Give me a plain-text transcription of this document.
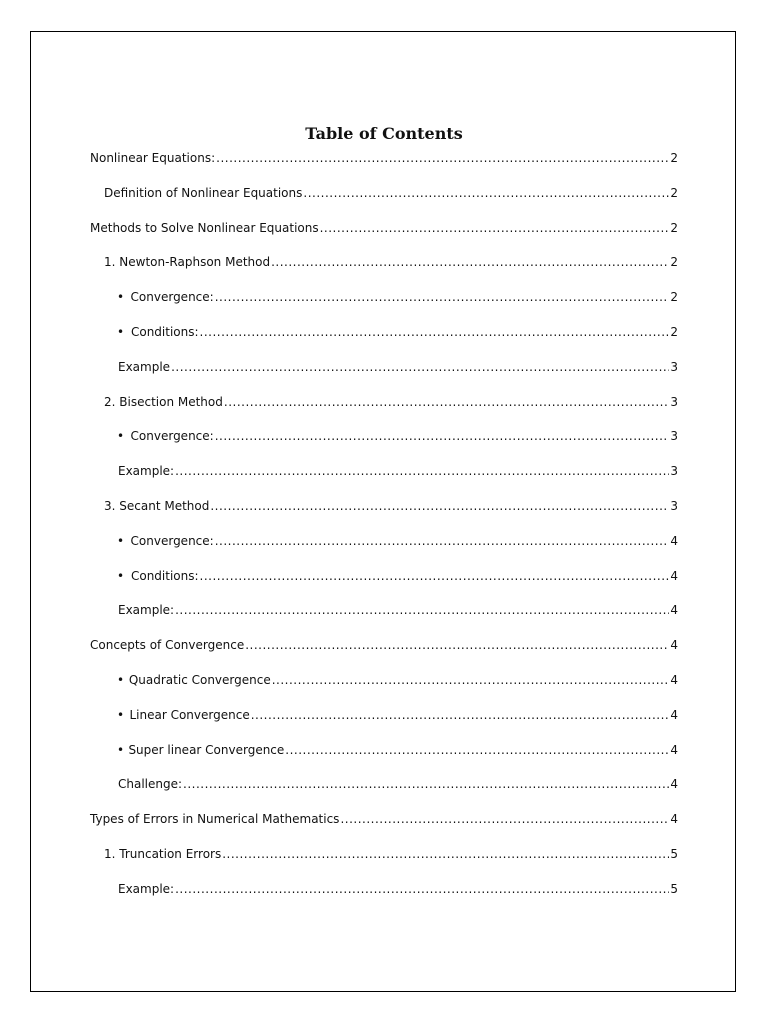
Table of Contents
Nonlinear Equations: .....	2
Definition of Nonlinear Equations .....	2
Methods to Solve Nonlinear Equations .....	2
1. Newton-Raphson Method .....	2
• Convergence: .....	2
• Conditions: .....	2
Example .....	3
2. Bisection Method .....	3
• Convergence: .....	3
Example: .....	3
3. Secant Method .....	3
• Convergence: .....	4
• Conditions: .....	4
Example: .....	4
Concepts of Convergence .....	4
• Quadratic Convergence .....	4
• Linear Convergence .....	4
• Super linear Convergence .....	4
Challenge: .....	4
Types of Errors in Numerical Mathematics .....	4
1. Truncation Errors .....	5
Example: .....	5
